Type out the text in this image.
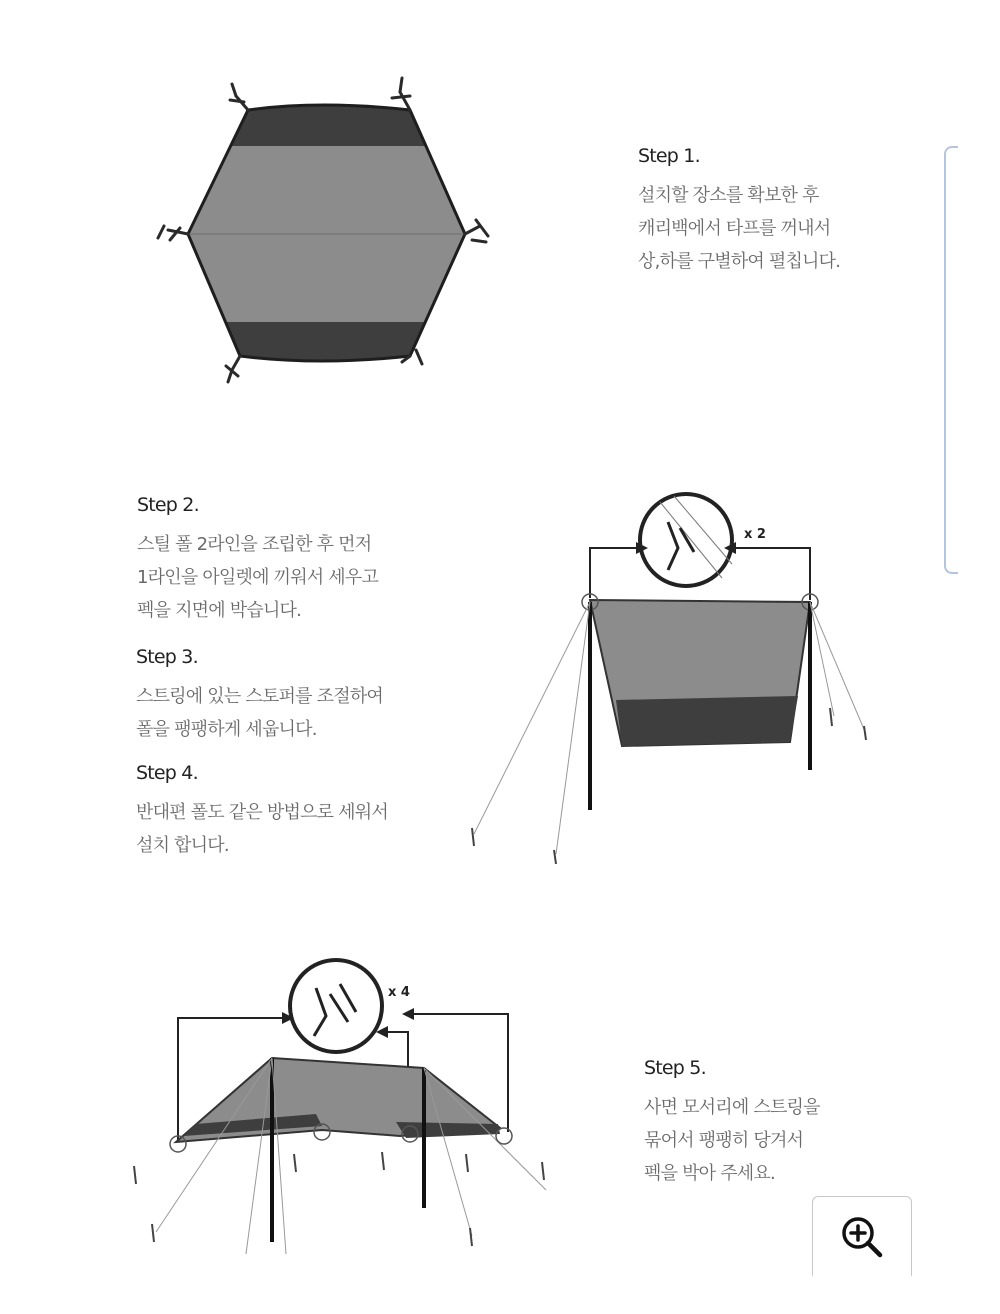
x 2
x 4
Step 1.
설치할 장소를 확보한 후
캐리백에서 타프를 꺼내서
상,하를 구별하여 펼칩니다.
Step 2.
스틸 폴 2라인을 조립한 후 먼저
1라인을 아일렛에 끼워서 세우고
펙을 지면에 박습니다.
Step 3.
스트링에 있는 스토퍼를 조절하여
폴을 팽팽하게 세웁니다.
Step 4.
반대편 폴도 같은 방법으로 세워서
설치 합니다.
Step 5.
사면 모서리에 스트링을
묶어서 팽팽히 당겨서
펙을 박아 주세요.
